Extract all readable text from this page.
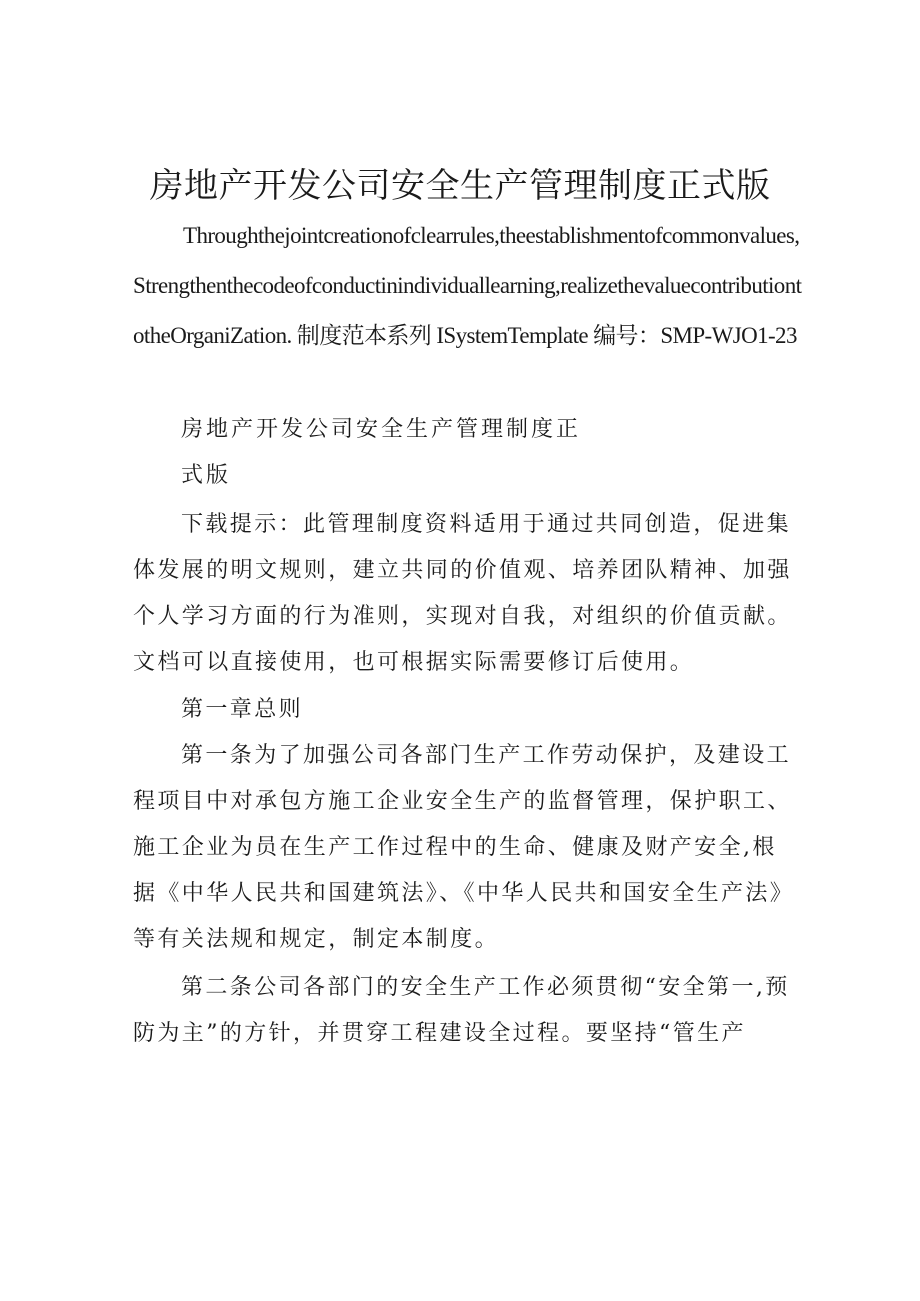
房地产开发公司安全生产管理制度正式版

Throughthejointcreationofclearrules,theestablishmentofcommonvalues,Strengthenthecodeofconductinindividuallearning,realizethevaluecontributiontotheOrganiZation. 制度范本系列 ISystemTemplate 编号：SMP-WJO1-23

房地产开发公司安全生产管理制度正

式版

下载提示：此管理制度资料适用于通过共同创造，促进集体发展的明文规则，建立共同的价值观、培养团队精神、加强个人学习方面的行为准则，实现对自我，对组织的价值贡献。文档可以直接使用，也可根据实际需要修订后使用。

第一章总则

第一条为了加强公司各部门生产工作劳动保护，及建设工程项目中对承包方施工企业安全生产的监督管理，保护职工、施工企业为员在生产工作过程中的生命、健康及财产安全,根据《中华人民共和国建筑法》、《中华人民共和国安全生产法》等有关法规和规定，制定本制度。

第二条公司各部门的安全生产工作必须贯彻“安全第一,预防为主”的方针，并贯穿工程建设全过程。要坚持“管生产
